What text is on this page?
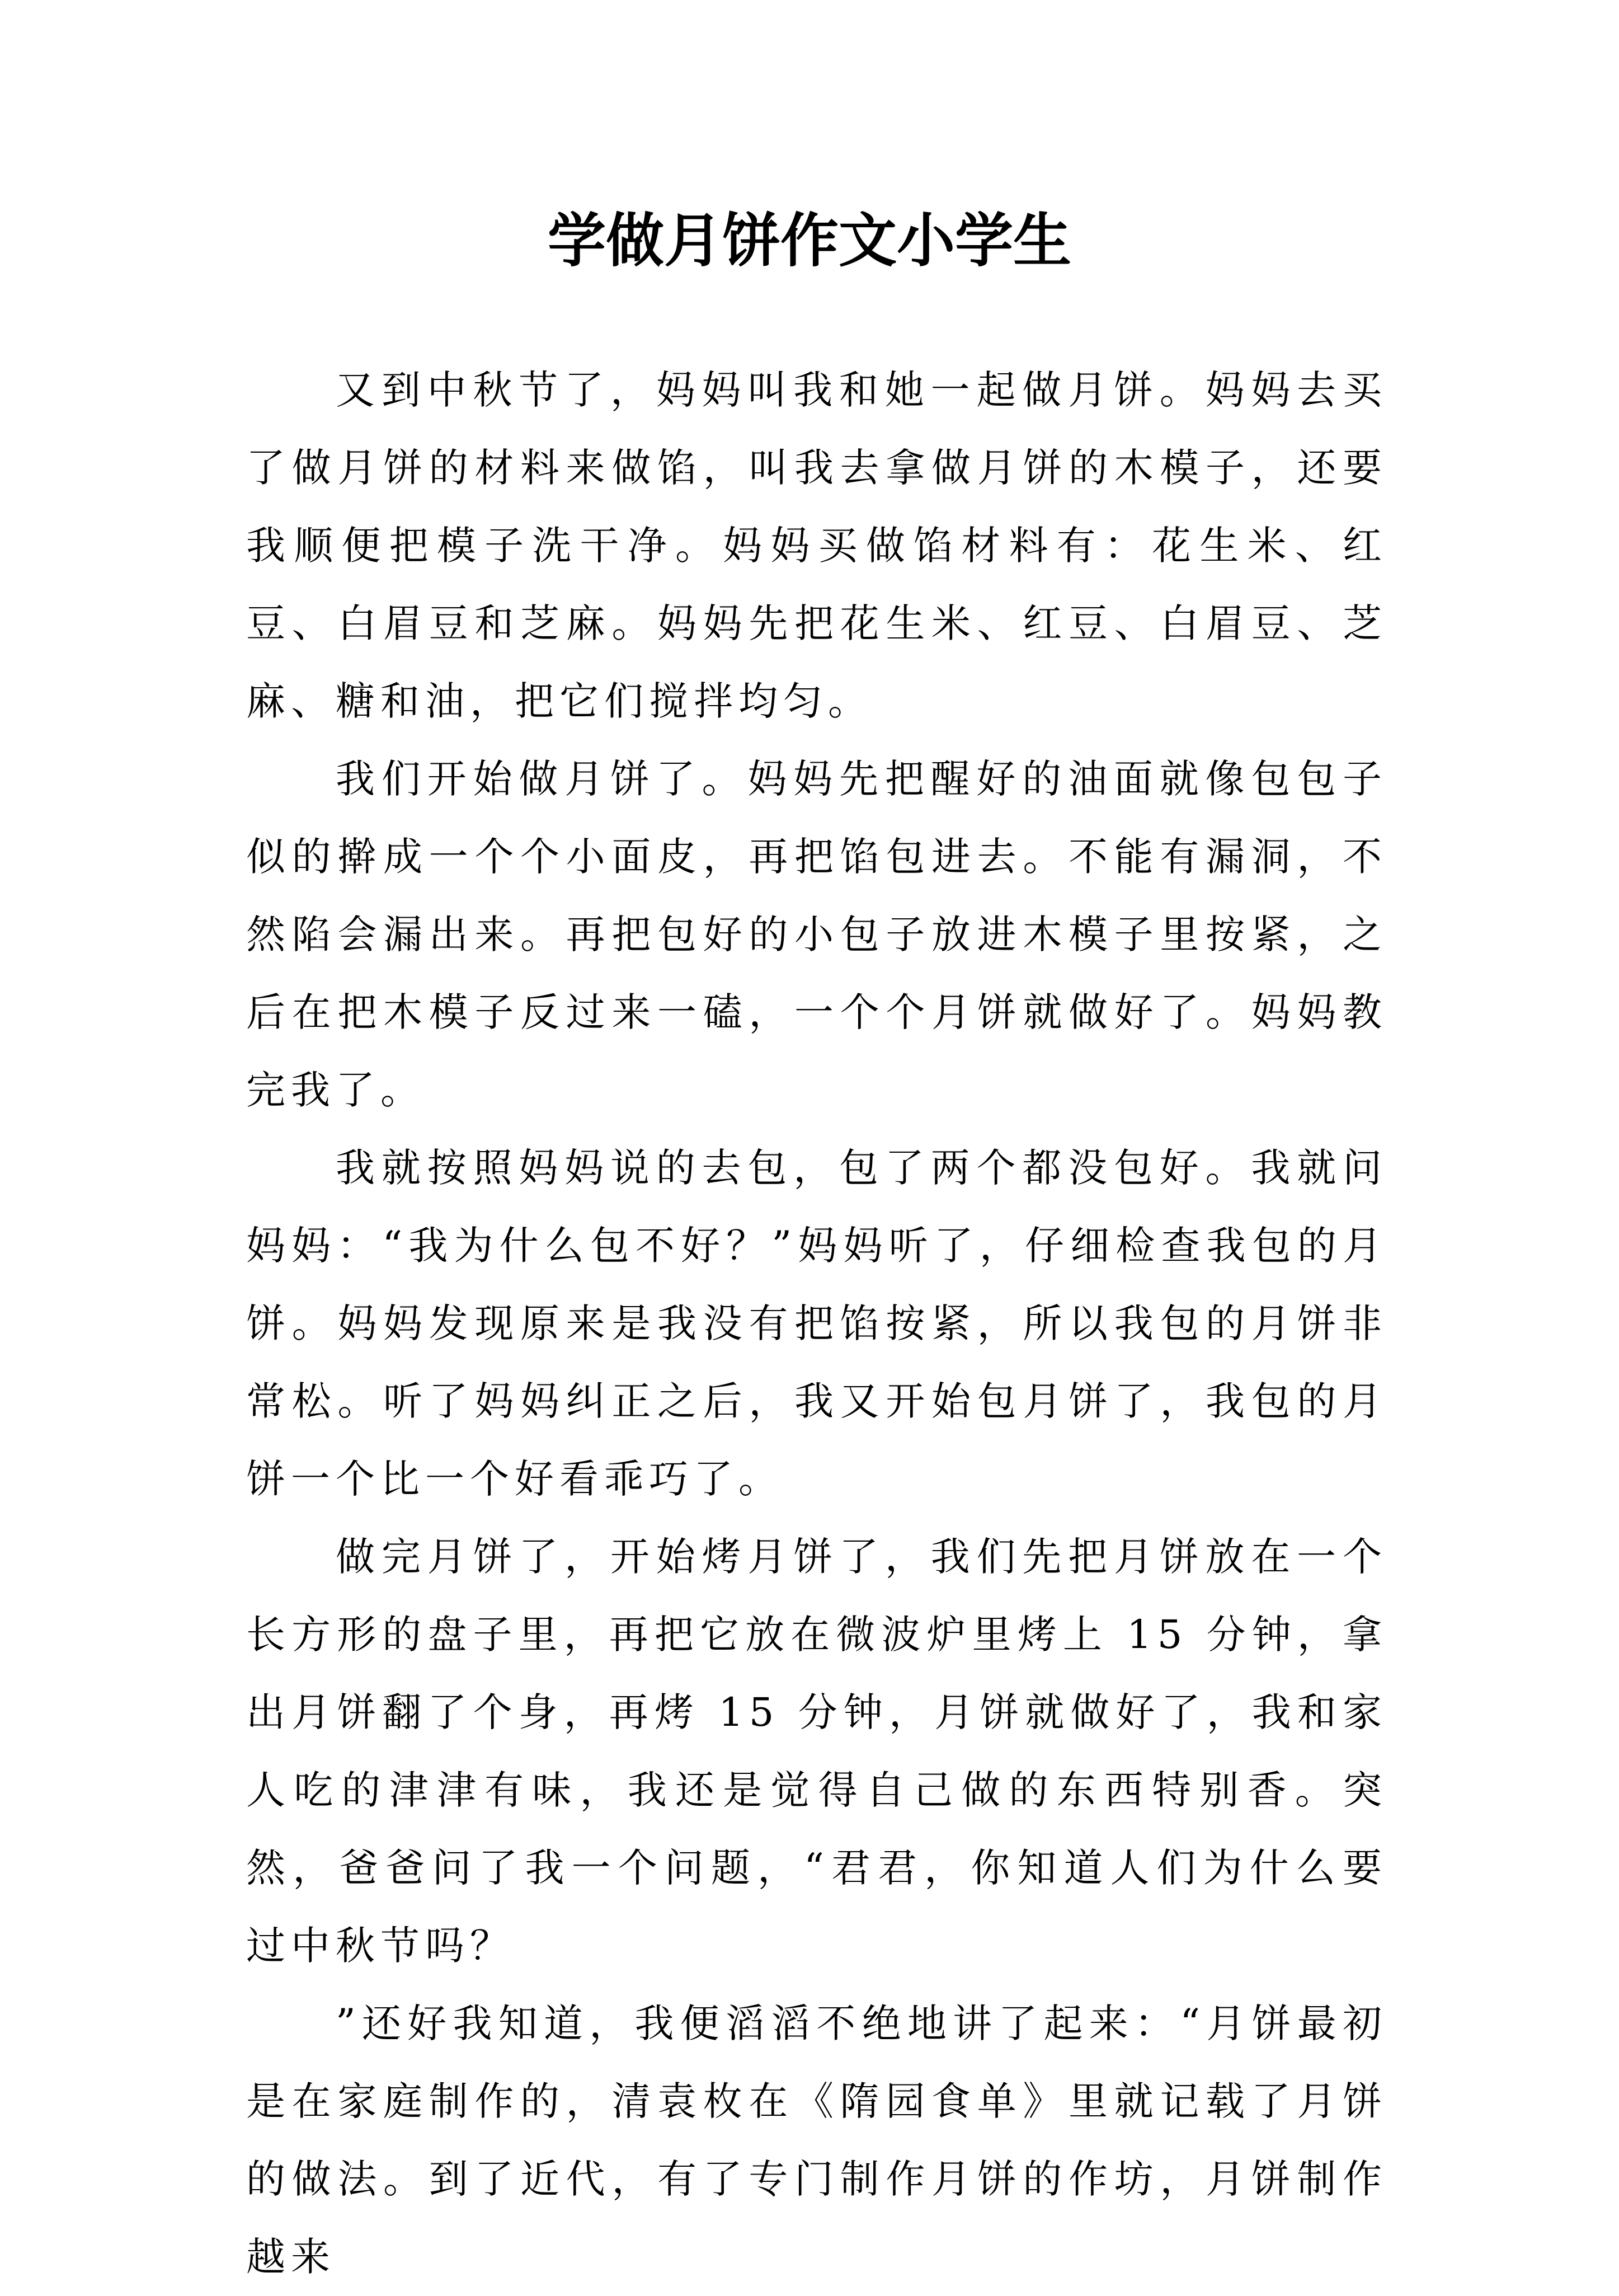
学做月饼作文小学生

又到中秋节了，妈妈叫我和她一起做月饼。妈妈去买了做月饼的材料来做馅，叫我去拿做月饼的木模子，还要我顺便把模子洗干净。妈妈买做馅材料有：花生米、红豆、白眉豆和芝麻。妈妈先把花生米、红豆、白眉豆、芝麻、糖和油，把它们搅拌均匀。

我们开始做月饼了。妈妈先把醒好的油面就像包包子似的擀成一个个小面皮，再把馅包进去。不能有漏洞，不然陷会漏出来。再把包好的小包子放进木模子里按紧，之后在把木模子反过来一磕，一个个月饼就做好了。妈妈教完我了。

我就按照妈妈说的去包，包了两个都没包好。我就问妈妈：“我为什么包不好？”妈妈听了，仔细检查我包的月饼。妈妈发现原来是我没有把馅按紧，所以我包的月饼非常松。听了妈妈纠正之后，我又开始包月饼了，我包的月饼一个比一个好看乖巧了。

做完月饼了，开始烤月饼了，我们先把月饼放在一个长方形的盘子里，再把它放在微波炉里烤上 15 分钟，拿出月饼翻了个身，再烤 15 分钟，月饼就做好了，我和家人吃的津津有味，我还是觉得自己做的东西特别香。突然，爸爸问了我一个问题，“君君，你知道人们为什么要过中秋节吗？

”还好我知道，我便滔滔不绝地讲了起来：“月饼最初是在家庭制作的，清袁枚在《隋园食单》里就记载了月饼的做法。到了近代，有了专门制作月饼的作坊，月饼制作越来
